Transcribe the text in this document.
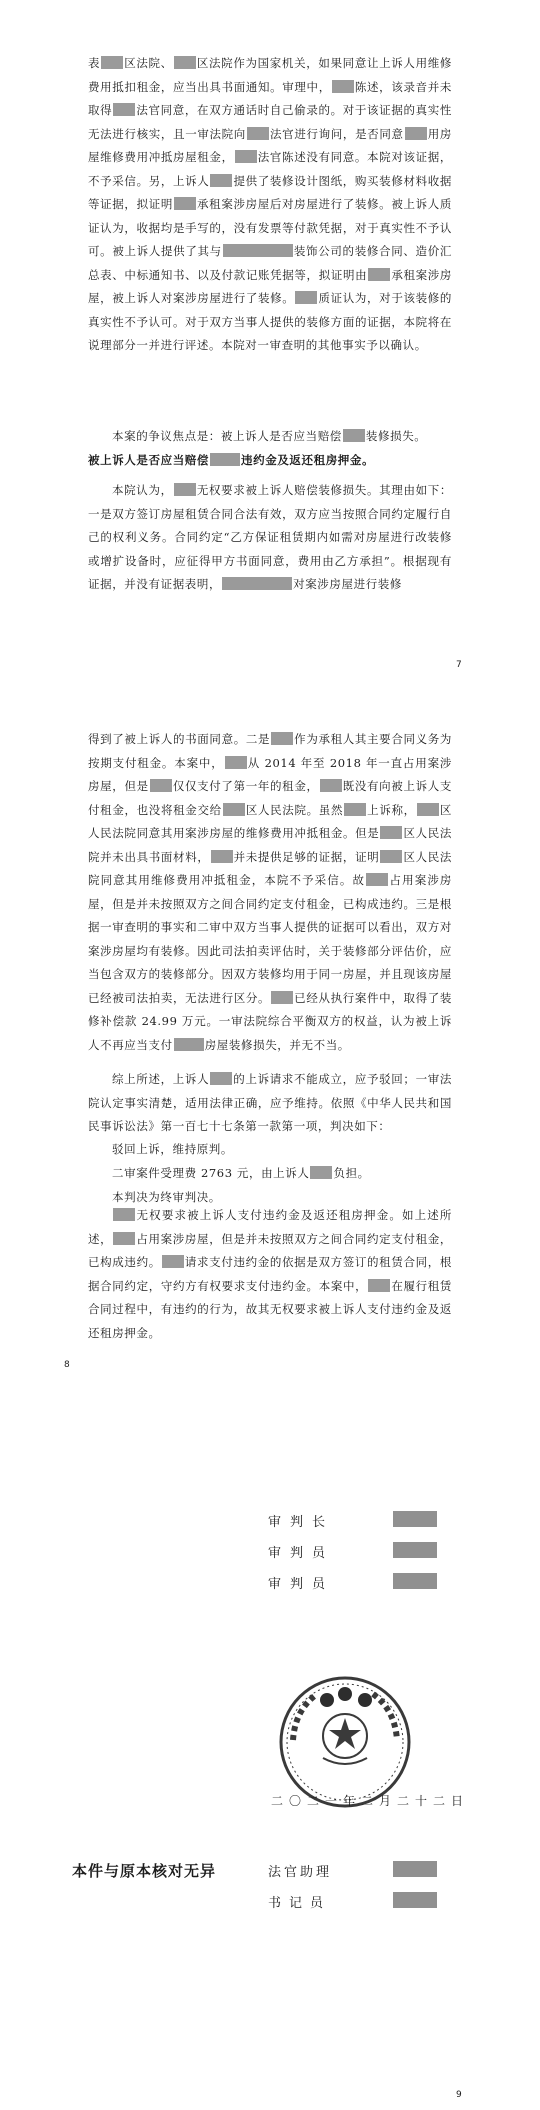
表 区法院、 区法院作为国家机关，如果同意让上诉人用维修费用抵扣租金，应当出具书面通知。审理中， 陈述，该录音并未取得 法官同意，在双方通话时自己偷录的。对于该证据的真实性无法进行核实，且一审法院向 法官进行询问，是否同意 用房屋维修费用冲抵房屋租金， 法官陈述没有同意。本院对该证据，不予采信。另，上诉人 提供了装修设计图纸，购买装修材料收据等证据，拟证明 承租案涉房屋后对房屋进行了装修。被上诉人质证认为，收据均是手写的，没有发票等付款凭据，对于真实性不予认可。被上诉人提供了其与	装饰公司的装修合同、造价汇总表、中标通知书、以及付款记账凭据等，拟证明由 承租案涉房屋，被上诉人对案涉房屋进行了装修。 质证认为，对于该装修的真实性不予认可。对于双方当事人提供的装修方面的证据，本院将在说理部分一并进行评述。本院对一审查明的其他事实予以确认。

本案的争议焦点是：被上诉人是否应当赔偿 装修损失。

被上诉人是否应当赔偿	违约金及返还租房押金。

本院认为， 无权要求被上诉人赔偿装修损失。其理由如下：一是双方签订房屋租赁合同合法有效，双方应当按照合同约定履行自己的权利义务。合同约定“乙方保证租赁期内如需对房屋进行改装修或增扩设备时，应征得甲方书面同意，费用由乙方承担”。根据现有证据，并没有证据表明，	对案涉房屋进行装修

7

得到了被上诉人的书面同意。二是 作为承租人其主要合同义务为按期支付租金。本案中， 从 2014 年至 2018 年一直占用案涉房屋，但是 仅仅支付了第一年的租金， 既没有向被上诉人支付租金，也没将租金交给 区人民法院。虽然 上诉称， 区人民法院同意其用案涉房屋的维修费用冲抵租金。但是 区人民法院并未出具书面材料， 并未提供足够的证据，证明 区人民法院同意其用维修费用冲抵租金，本院不予采信。故 占用案涉房屋，但是并未按照双方之间合同约定支付租金，已构成违约。三是根据一审查明的事实和二审中双方当事人提供的证据可以看出，双方对案涉房屋均有装修。因此司法拍卖评估时，关于装修部分评估价，应当包含双方的装修部分。因双方装修均用于同一房屋，并且现该房屋已经被司法拍卖，无法进行区分。 已经从执行案件中，取得了装修补偿款 24.99 万元。一审法院综合平衡双方的权益，认为被上诉人不再应当支付	房屋装修损失，并无不当。

无权要求被上诉人支付违约金及返还租房押金。如上述所述， 占用案涉房屋，但是并未按照双方之间合同约定支付租金，已构成违约。 请求支付违约金的依据是双方签订的租赁合同，根据合同约定，守约方有权要求支付违约金。本案中， 在履行租赁合同过程中，有违约的行为，故其无权要求被上诉人支付违约金及返还租房押金。

8

综上所述，上诉人 的上诉请求不能成立，应予驳回；一审法院认定事实清楚，适用法律正确，应予维持。依照《中华人民共和国民事诉讼法》第一百七十七条第一款第一项，判决如下：

驳回上诉，维持原判。

二审案件受理费 2763 元，由上诉人 负担。

本判决为终审判决。

审判长
审判员
审判员
二〇二一年二月二十二日
本件与原本核对无异	法官助理
书记员
9
